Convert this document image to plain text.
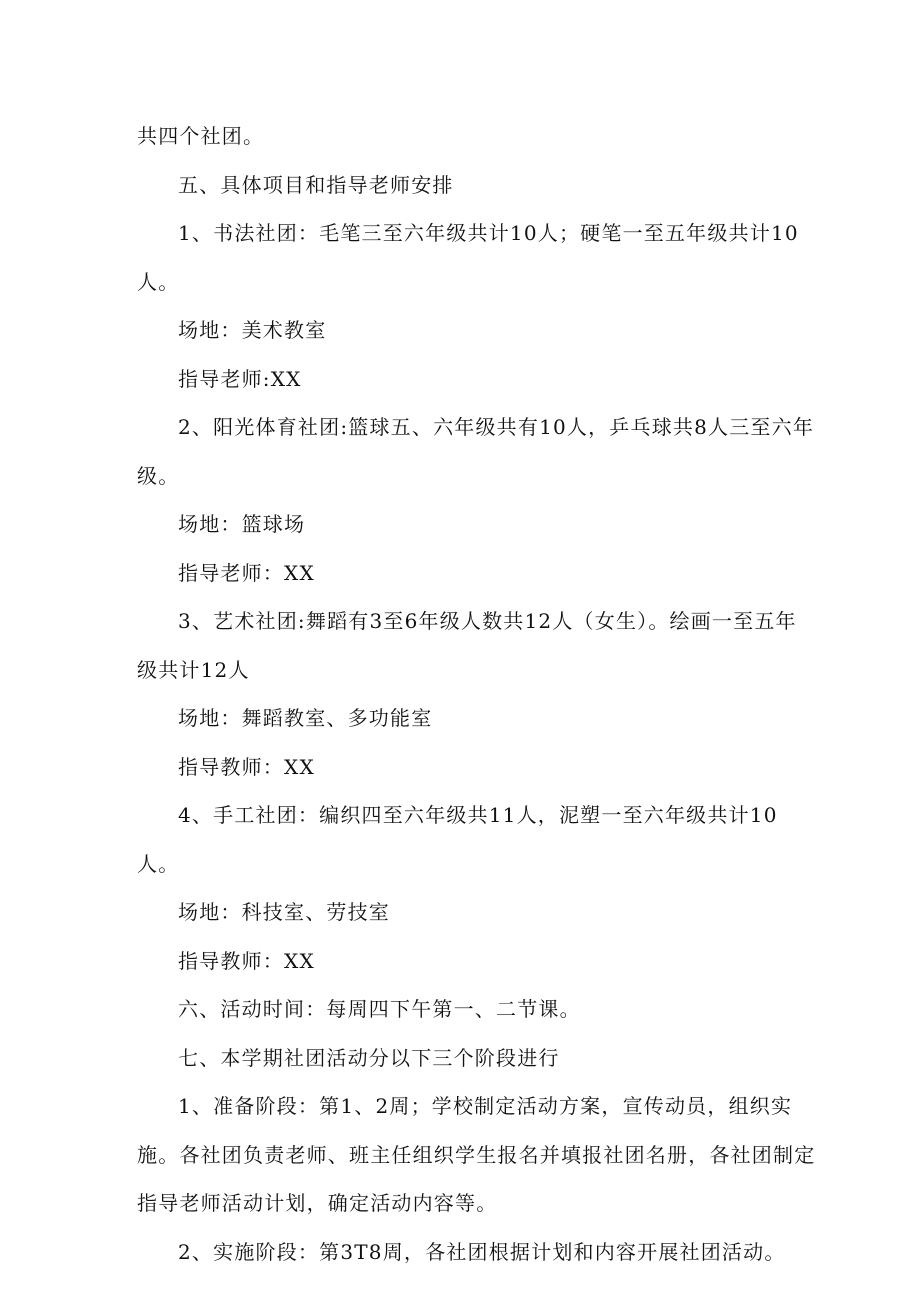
共四个社团。

五、具体项目和指导老师安排

1、书法社团：毛笔三至六年级共计10人；硬笔一至五年级共计10人。

场地：美术教室

指导老师:XX

2、阳光体育社团:篮球五、六年级共有10人，乒乓球共8人三至六年级。

场地：篮球场

指导老师：XX

3、艺术社团:舞蹈有3至6年级人数共12人（女生）。绘画一至五年级共计12人

场地：舞蹈教室、多功能室

指导教师：XX

4、手工社团：编织四至六年级共11人，泥塑一至六年级共计10人。

场地：科技室、劳技室

指导教师：XX

六、活动时间：每周四下午第一、二节课。

七、本学期社团活动分以下三个阶段进行

1、准备阶段：第1、2周；学校制定活动方案，宣传动员，组织实施。各社团负责老师、班主任组织学生报名并填报社团名册，各社团制定指导老师活动计划，确定活动内容等。

2、实施阶段：第3T8周，各社团根据计划和内容开展社团活动。
